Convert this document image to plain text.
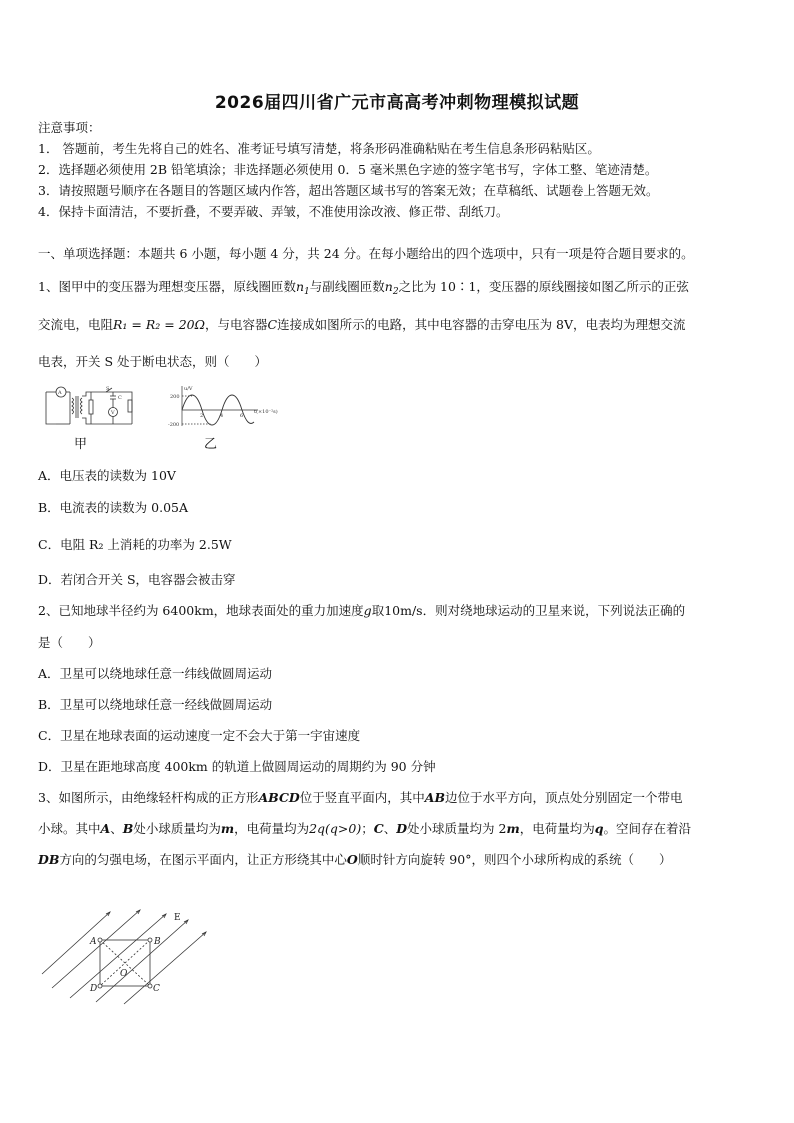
2026届四川省广元市高高考冲刺物理模拟试题
注意事项：
1． 答题前，考生先将自己的姓名、准考证号填写清楚，将条形码准确粘贴在考生信息条形码粘贴区。
2．选择题必须使用 2B 铅笔填涂；非选择题必须使用 0．5 毫米黑色字迹的签字笔书写，字体工整、笔迹清楚。
3．请按照题号顺序在各题目的答题区域内作答，超出答题区域书写的答案无效；在草稿纸、试题卷上答题无效。
4．保持卡面清洁，不要折叠，不要弄破、弄皱，不准使用涂改液、修正带、刮纸刀。
一、单项选择题：本题共 6 小题，每小题 4 分，共 24 分。在每小题给出的四个选项中，只有一项是符合题目要求的。
1、图甲中的变压器为理想变压器，原线圈匝数$n_1$与副线圈匝数$n_2$之比为 10∶1，变压器的原线圈接如图乙所示的正弦
交流电，电阻R₁ = R₂ = 20Ω，与电容器C连接成如图所示的电路，其中电容器的击穿电压为 8V，电表均为理想交流
电表，开关 S 处于断电状态，则（　　）
A
V
S
C
甲
u/V
200
-200
2	4	6
t(×10⁻²s)
乙
A．电压表的读数为 10V
B．电流表的读数为 0.05A
C．电阻 R₂ 上消耗的功率为 2.5W
D．若闭合开关 S，电容器会被击穿
2、已知地球半径约为 6400km，地球表面处的重力加速度g取10m/s．则对绕地球运动的卫星来说，下列说法正确的
是（　　）
A．卫星可以绕地球任意一纬线做圆周运动
B．卫星可以绕地球任意一经线做圆周运动
C．卫星在地球表面的运动速度一定不会大于第一宇宙速度
D．卫星在距地球高度 400km 的轨道上做圆周运动的周期约为 90 分钟
3、如图所示，由绝缘轻杆构成的正方形ABCD位于竖直平面内，其中AB边位于水平方向，顶点处分别固定一个带电
小球。其中A、B处小球质量均为m，电荷量均为2q(q>0)；C、D处小球质量均为 2m，电荷量均为q。空间存在着沿
DB方向的匀强电场，在图示平面内，让正方形绕其中心O顺时针方向旋转 90°，则四个小球所构成的系统（　　）
A	B
C
D
O
E
